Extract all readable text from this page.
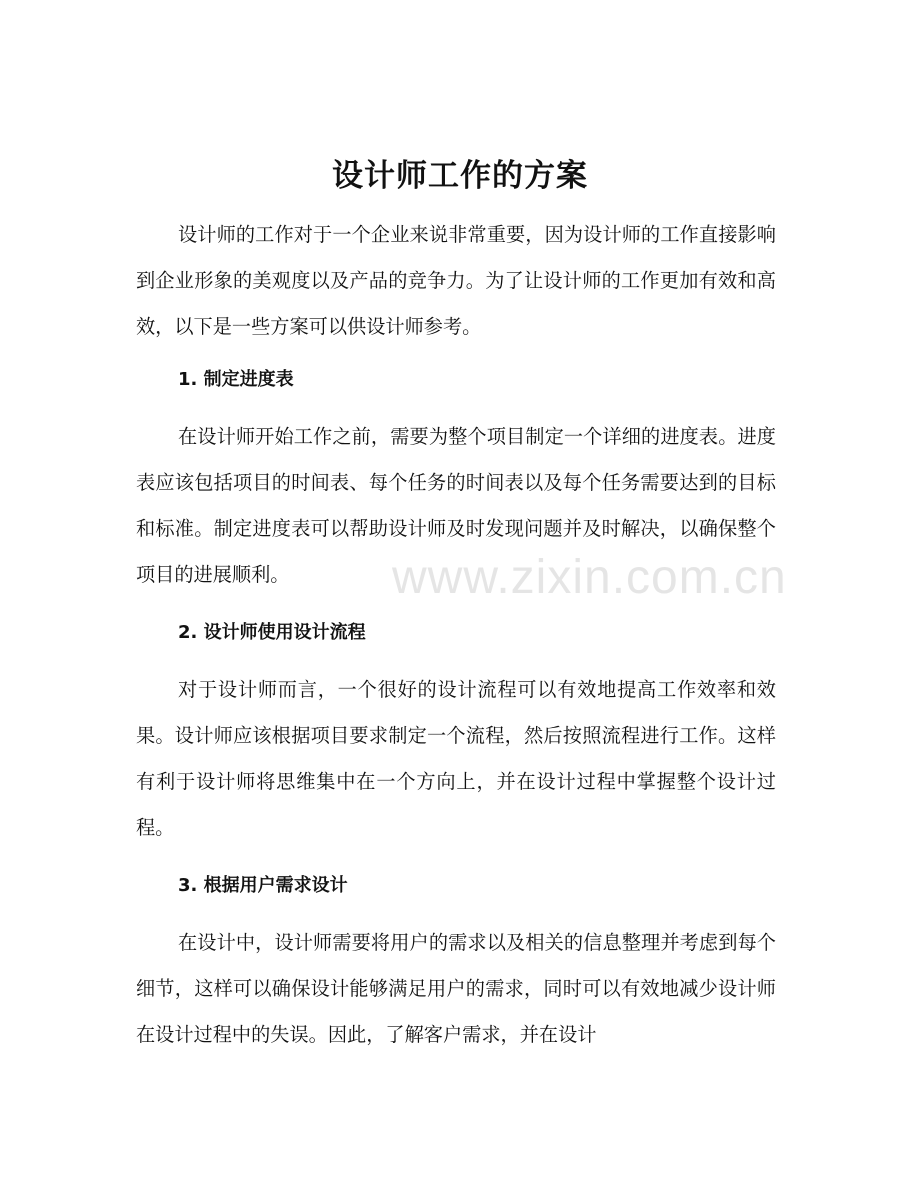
设计师工作的方案

设计师的工作对于一个企业来说非常重要，因为设计师的工作直接影响到企业形象的美观度以及产品的竞争力。为了让设计师的工作更加有效和高效，以下是一些方案可以供设计师参考。

1. 制定进度表

在设计师开始工作之前，需要为整个项目制定一个详细的进度表。进度表应该包括项目的时间表、每个任务的时间表以及每个任务需要达到的目标和标准。制定进度表可以帮助设计师及时发现问题并及时解决，以确保整个项目的进展顺利。

2. 设计师使用设计流程

对于设计师而言，一个很好的设计流程可以有效地提高工作效率和效果。设计师应该根据项目要求制定一个流程，然后按照流程进行工作。这样有利于设计师将思维集中在一个方向上，并在设计过程中掌握整个设计过程。

3. 根据用户需求设计

在设计中，设计师需要将用户的需求以及相关的信息整理并考虑到每个细节，这样可以确保设计能够满足用户的需求，同时可以有效地减少设计师在设计过程中的失误。因此，了解客户需求，并在设计

www.zixin.com.cn
